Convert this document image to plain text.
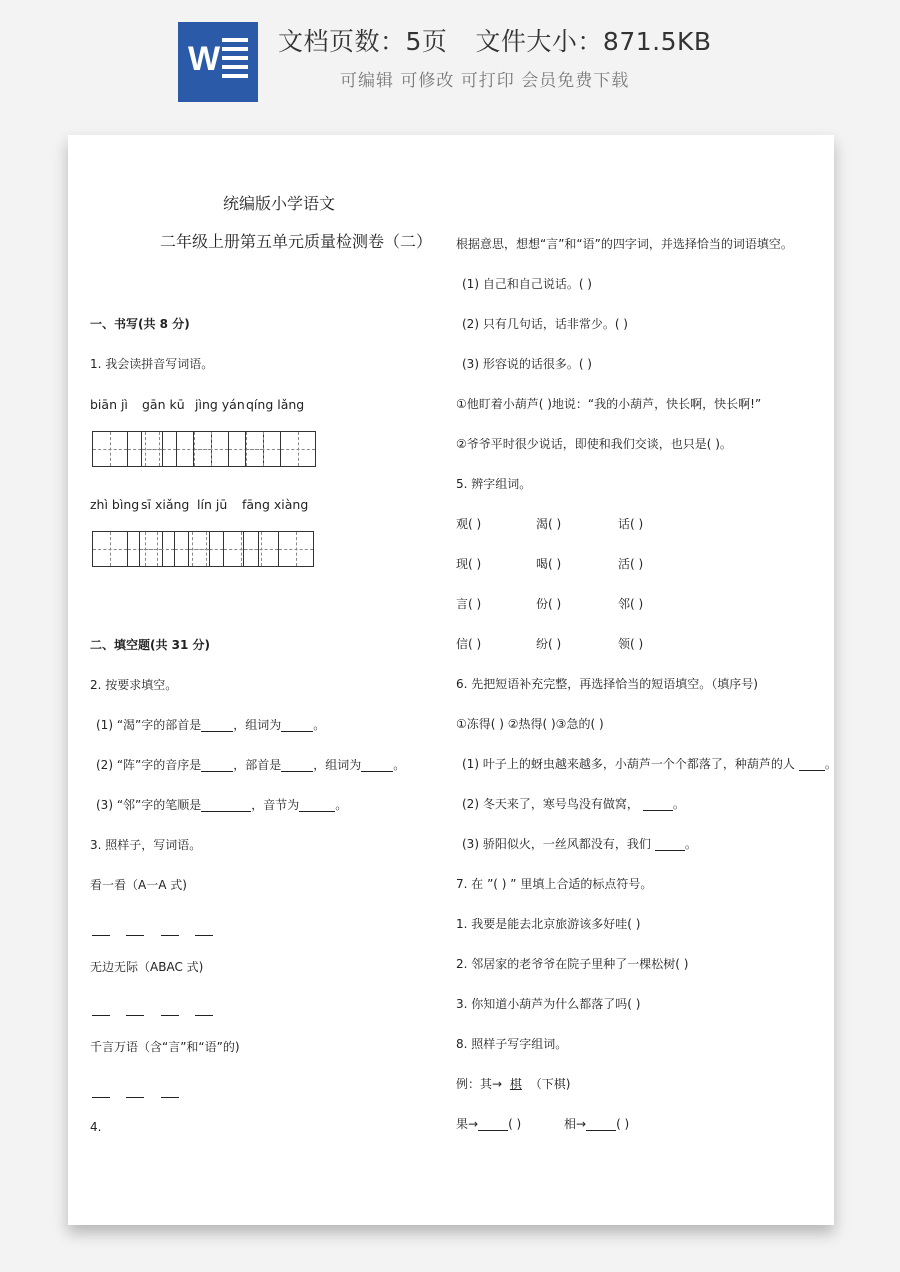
W 文档页数：5页 文件大小：871.5KB
可编辑 可修改 可打印 会员免费下载
统编版小学语文
二年级上册第五单元质量检测卷（二）
一、书写(共 8 分)
1. 我会读拼音写词语。
biān jì gān kū jìng yán qíng lǎng
zhì bìng sī xiǎng lín jū fāng xiàng
二、填空题(共 31 分)
2. 按要求填空。
(1) “渴”字的部首是	，组词为	。
(2) “阵”字的音序是	，部首是	，组词为	。
(3) “邻”字的笔顺是	，音节为	。
3. 照样子，写词语。
看一看（A一A 式)
无边无际（ABAC 式)
千言万语（含“言”和“语”的)
4.
根据意思，想想“言”和“语”的四字词，并选择恰当的词语填空。
(1) 自己和自己说话。( )
(2) 只有几句话，话非常少。( )
(3) 形容说的话很多。( )
①他盯着小葫芦( )地说：“我的小葫芦，快长啊，快长啊!”
②爷爷平时很少说话，即使和我们交谈，也只是( )。
5. 辨字组词。
观( )	渴( )	话( )
现( )	喝( )	活( )
言( )	份( )	邻( )
信( )	纷( )	领( )
6. 先把短语补充完整，再选择恰当的短语填空。（填序号)
①冻得( ) ②热得( )③急的( )
(1) 叶子上的蚜虫越来越多，小葫芦一个个都落了，种葫芦的人	。
(2) 冬天来了，寒号鸟没有做窝，	。
(3) 骄阳似火，一丝风都没有，我们	。
7. 在 ”( ) ” 里填上合适的标点符号。
1. 我要是能去北京旅游该多好哇( )
2. 邻居家的老爷爷在院子里种了一棵松树( )
3. 你知道小葫芦为什么都落了吗( )
8. 照样子写字组词。
例：其→ 棋 （下棋)
果→	( )	相→	( )
